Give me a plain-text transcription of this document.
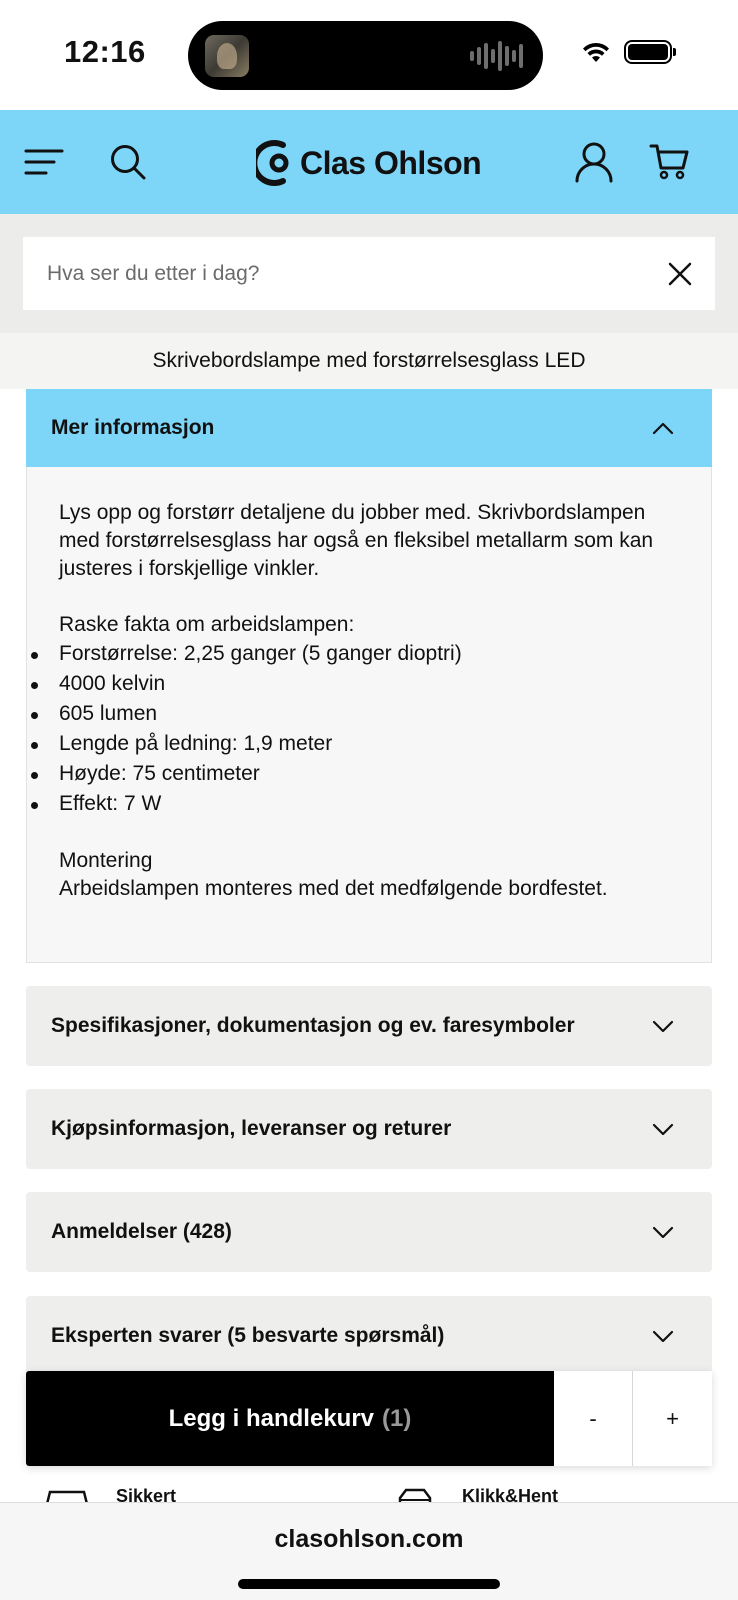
12:16
Clas Ohlson
Hva ser du etter i dag?
Skrivebordslampe med forstørrelsesglass LED
Mer informasjon

Lys opp og forstørr detaljene du jobber med. Skrivbordslampen med forstørrelsesglass har også en fleksibel metallarm som kan justeres i forskjellige vinkler.

Raske fakta om arbeidslampen:

Forstørrelse: 2,25 ganger (5 ganger dioptri)
4000 kelvin
605 lumen
Lengde på ledning: 1,9 meter
Høyde: 75 centimeter
Effekt: 7 W

Montering

Arbeidslampen monteres med det medfølgende bordfestet.

Spesifikasjoner, dokumentasjon og ev. faresymboler
Kjøpsinformasjon, leveranser og returer
Anmeldelser (428)
Eksperten svarer (5 besvarte spørsmål)
Sikkert	Klikk&Hent
Legg i handlekurv (1)	-	+
clasohlson.com
